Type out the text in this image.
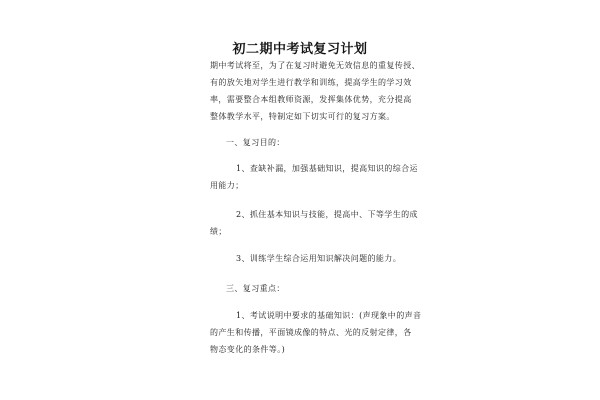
初二期中考试复习计划
期中考试将至，为了在复习时避免无效信息的重复传授、
有的放矢地对学生进行教学和训练，提高学生的学习效
率，需要整合本组教师资源，发挥集体优势，充分提高
整体教学水平，特制定如下切实可行的复习方案。
一、复习目的：
1、查缺补漏，加强基础知识，提高知识的综合运
用能力；
2、抓住基本知识与技能，提高中、下等学生的成
绩；
3、训练学生综合运用知识解决问题的能力。
三、复习重点：
1、考试说明中要求的基础知识：(声现象中的声音
的产生和传播，平面镜成像的特点、光的反射定律，各
物态变化的条件等。)
